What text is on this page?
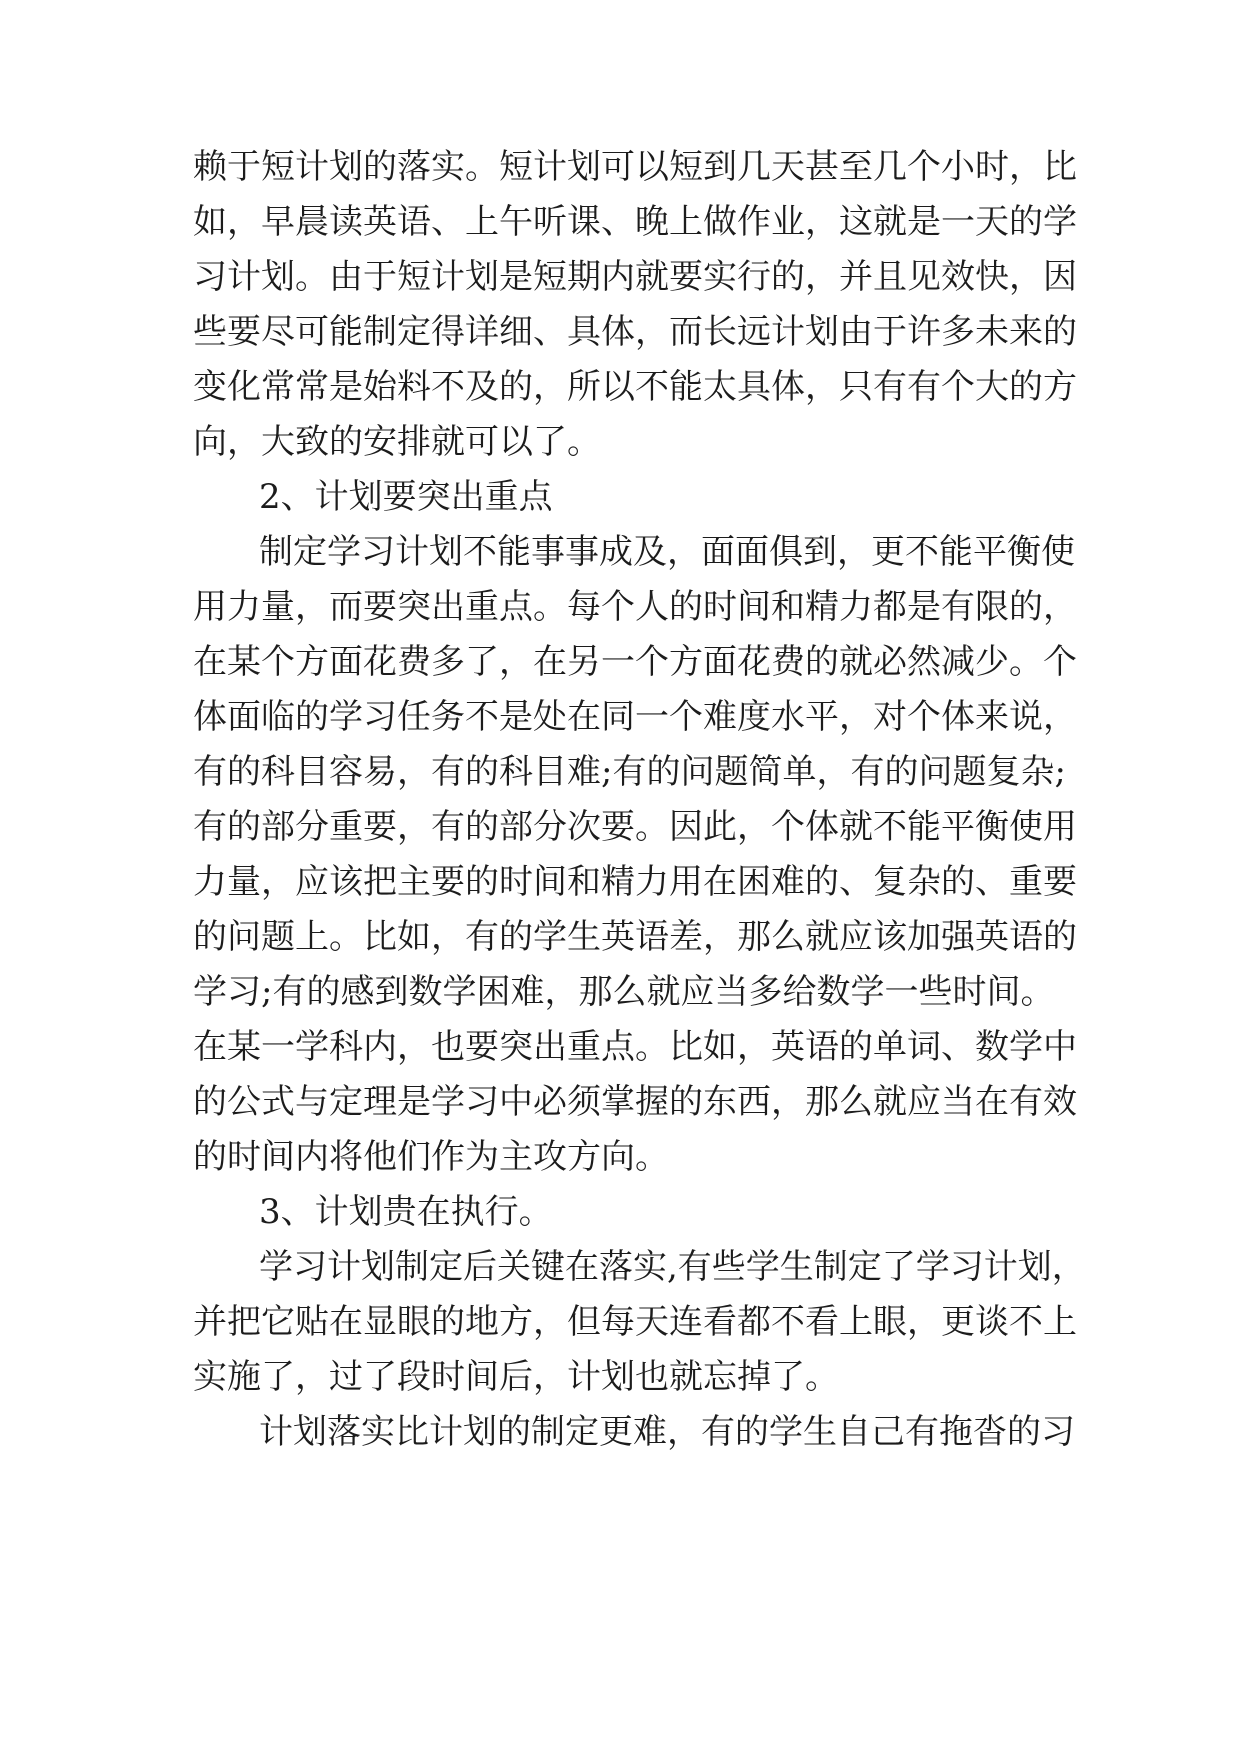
赖于短计划的落实。短计划可以短到几天甚至几个小时，比
如，早晨读英语、上午听课、晚上做作业，这就是一天的学
习计划。由于短计划是短期内就要实行的，并且见效快，因
些要尽可能制定得详细、具体，而长远计划由于许多未来的
变化常常是始料不及的，所以不能太具体，只有有个大的方
向，大致的安排就可以了。
2、计划要突出重点
制定学习计划不能事事成及，面面俱到，更不能平衡使
用力量，而要突出重点。每个人的时间和精力都是有限的，
在某个方面花费多了，在另一个方面花费的就必然减少。个
体面临的学习任务不是处在同一个难度水平，对个体来说，
有的科目容易，有的科目难;有的问题简单，有的问题复杂;
有的部分重要，有的部分次要。因此，个体就不能平衡使用
力量，应该把主要的时间和精力用在困难的、复杂的、重要
的问题上。比如，有的学生英语差，那么就应该加强英语的
学习;有的感到数学困难，那么就应当多给数学一些时间。
在某一学科内，也要突出重点。比如，英语的单词、数学中
的公式与定理是学习中必须掌握的东西，那么就应当在有效
的时间内将他们作为主攻方向。
3、计划贵在执行。
学习计划制定后关键在落实,有些学生制定了学习计划，
并把它贴在显眼的地方，但每天连看都不看上眼，更谈不上
实施了，过了段时间后，计划也就忘掉了。
计划落实比计划的制定更难，有的学生自己有拖沓的习
